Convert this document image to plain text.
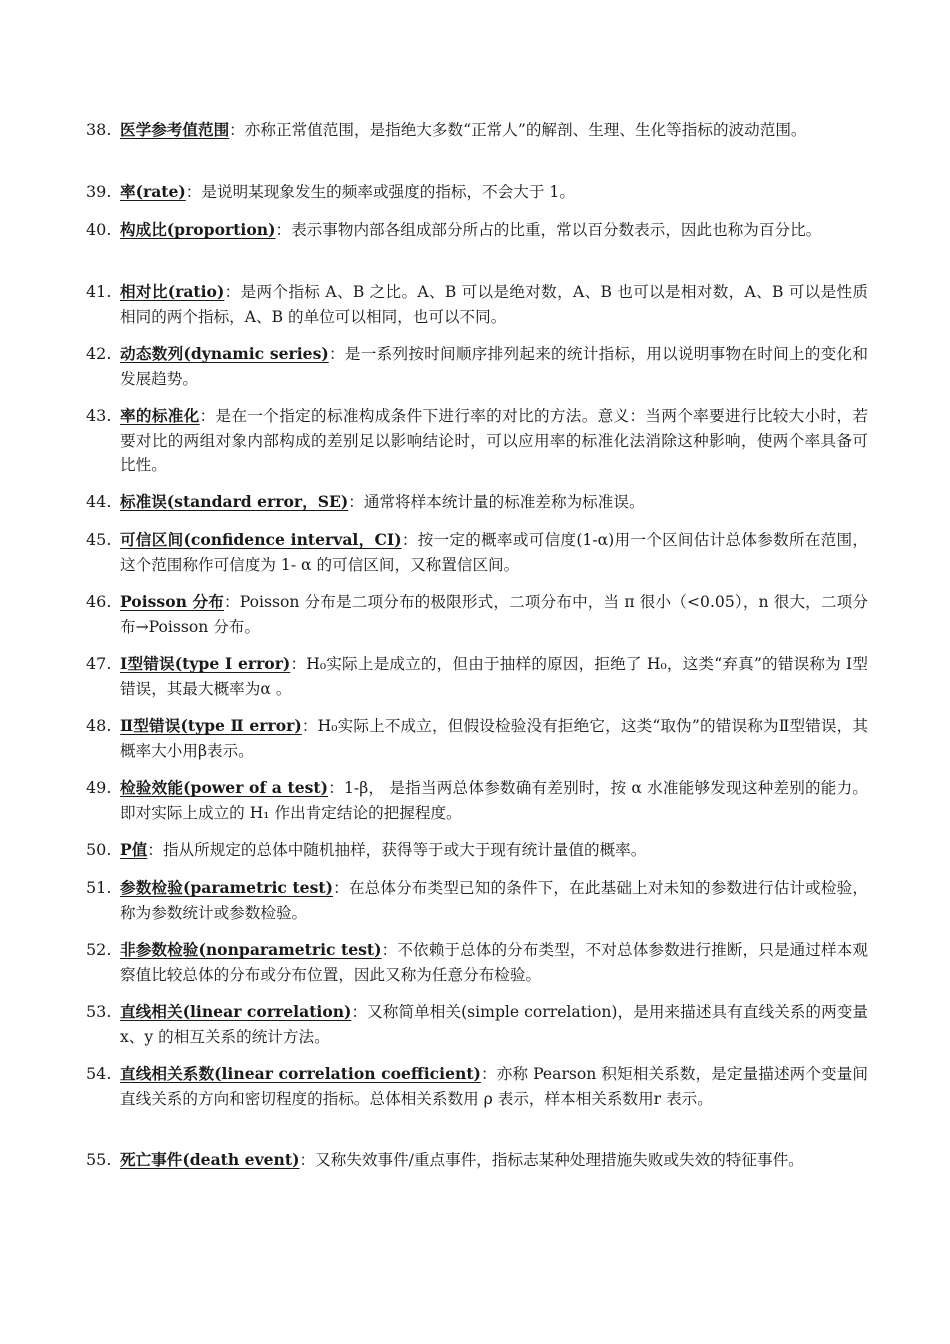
38. 医学参考值范围：亦称正常值范围，是指绝大多数“正常人”的解剖、生理、生化等指标的波动范围。
39. 率(rate)：是说明某现象发生的频率或强度的指标，不会大于 1。
40. 构成比(proportion)：表示事物内部各组成部分所占的比重，常以百分数表示，因此也称为百分比。
41. 相对比(ratio)：是两个指标 A、B 之比。A、B 可以是绝对数，A、B 也可以是相对数，A、B 可以是性质相同的两个指标，A、B 的单位可以相同，也可以不同。
42. 动态数列(dynamic series)：是一系列按时间顺序排列起来的统计指标，用以说明事物在时间上的变化和发展趋势。
43. 率的标准化：是在一个指定的标准构成条件下进行率的对比的方法。意义：当两个率要进行比较大小时，若要对比的两组对象内部构成的差别足以影响结论时，可以应用率的标准化法消除这种影响，使两个率具备可比性。
44. 标准误(standard error，SE)：通常将样本统计量的标准差称为标准误。
45. 可信区间(confidence interval，CI)：按一定的概率或可信度(1-α)用一个区间估计总体参数所在范围，这个范围称作可信度为 1- α 的可信区间，又称置信区间。
46. Poisson 分布：Poisson 分布是二项分布的极限形式，二项分布中，当 π 很小（<0.05），n 很大，二项分布→Poisson 分布。
47. Ⅰ型错误(type Ⅰ error)：H₀实际上是成立的，但由于抽样的原因，拒绝了 H₀，这类“弃真”的错误称为 Ⅰ型错误，其最大概率为α 。
48. Ⅱ型错误(type Ⅱ error)：H₀实际上不成立，但假设检验没有拒绝它，这类“取伪”的错误称为Ⅱ型错误，其概率大小用β表示。
49. 检验效能(power of a test)：1-β， 是指当两总体参数确有差别时，按 α 水准能够发现这种差别的能力。即对实际上成立的 H₁ 作出肯定结论的把握程度。
50. P值：指从所规定的总体中随机抽样，获得等于或大于现有统计量值的概率。
51. 参数检验(parametric test)：在总体分布类型已知的条件下，在此基础上对未知的参数进行估计或检验，称为参数统计或参数检验。
52. 非参数检验(nonparametric test)：不依赖于总体的分布类型，不对总体参数进行推断，只是通过样本观察值比较总体的分布或分布位置，因此又称为任意分布检验。
53. 直线相关(linear correlation)：又称简单相关(simple correlation)，是用来描述具有直线关系的两变量x、y 的相互关系的统计方法。
54. 直线相关系数(linear correlation coefficient)：亦称 Pearson 积矩相关系数，是定量描述两个变量间直线关系的方向和密切程度的指标。总体相关系数用 ρ 表示，样本相关系数用r 表示。
55. 死亡事件(death event)：又称失效事件/重点事件，指标志某种处理措施失败或失效的特征事件。
